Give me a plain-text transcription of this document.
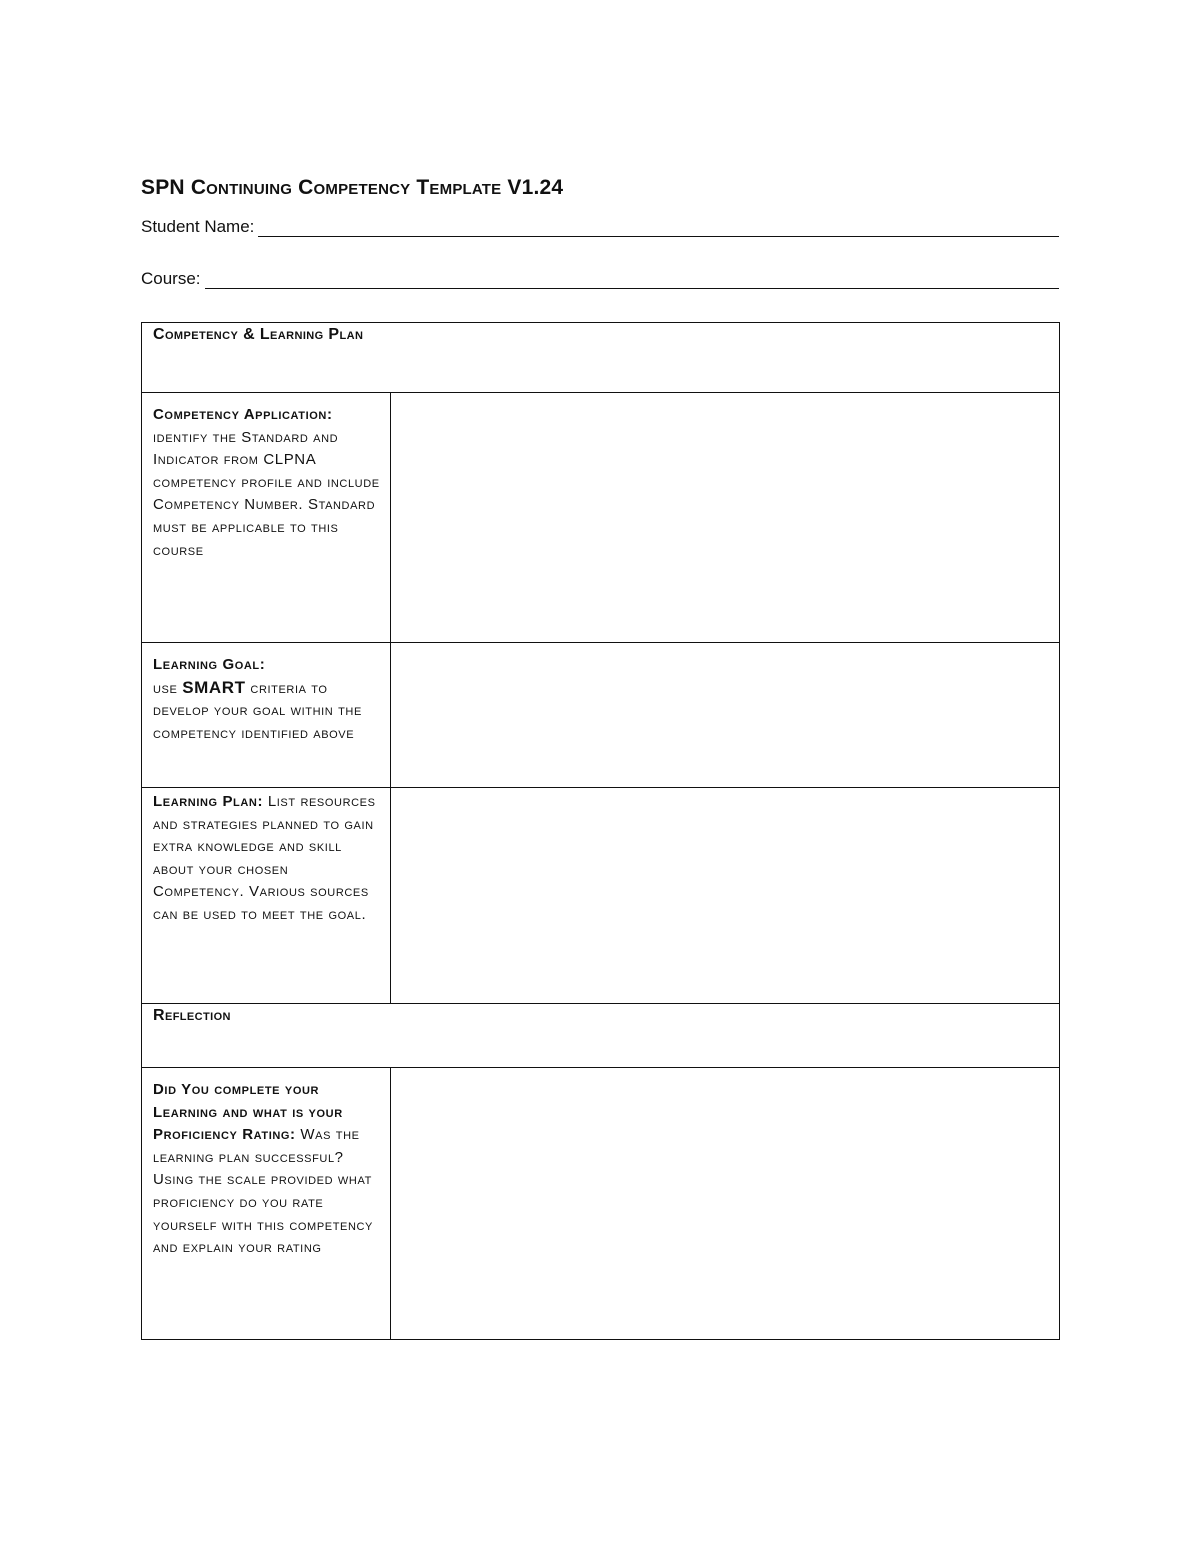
SPN Continuing Competency Template V1.24
Student Name:
Course:
Competency & Learning Plan	
Competency Application: identify the Standard and Indicator from CLPNA competency profile and include Competency Number. Standard must be applicable to this course	
Learning Goal:
use SMART criteria to develop your goal within the competency identified above	
Learning Plan: List resources and strategies planned to gain extra knowledge and skill about your chosen Competency. Various sources can be used to meet the goal.	
Reflection	
Did You complete your Learning and what is your Proficiency Rating: Was the learning plan successful? Using the scale provided what proficiency do you rate yourself with this competency and explain your rating	
